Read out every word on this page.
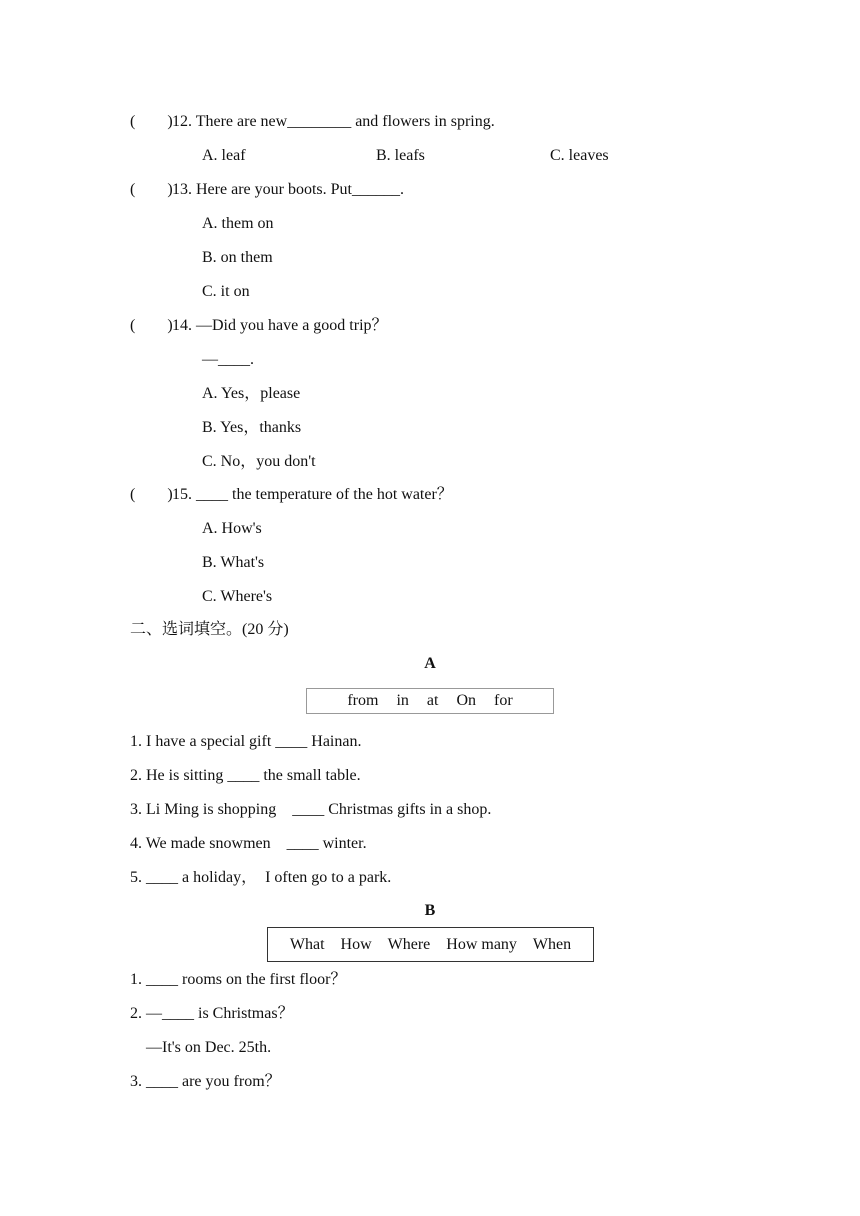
(        ) 12. There are new________ and flowers in spring.
A. leaf	B. leafs	C. leaves
(        ) 13. Here are your boots. Put______.
A. them on
B. on them
C. it on
(        ) 14. —Did you have a good trip？
—____.
A. Yes，please
B. Yes，thanks
C. No，you don't
(        ) 15. ____ the temperature of the hot water？
A. How's
B. What's
C. Where's
二、选词填空。(20 分)
A
from	in	at	On	for
1. I have a special gift ____ Hainan.
2. He is sitting ____ the small table.
3. Li Ming is shopping    ____ Christmas gifts in a shop.
4. We made snowmen    ____ winter.
5. ____ a holiday，  I often go to a park.
B
What	How	Where	How many	When
1. ____ rooms on the first floor？
2. —____ is Christmas？
—It's on Dec. 25th.
3. ____ are you from？
